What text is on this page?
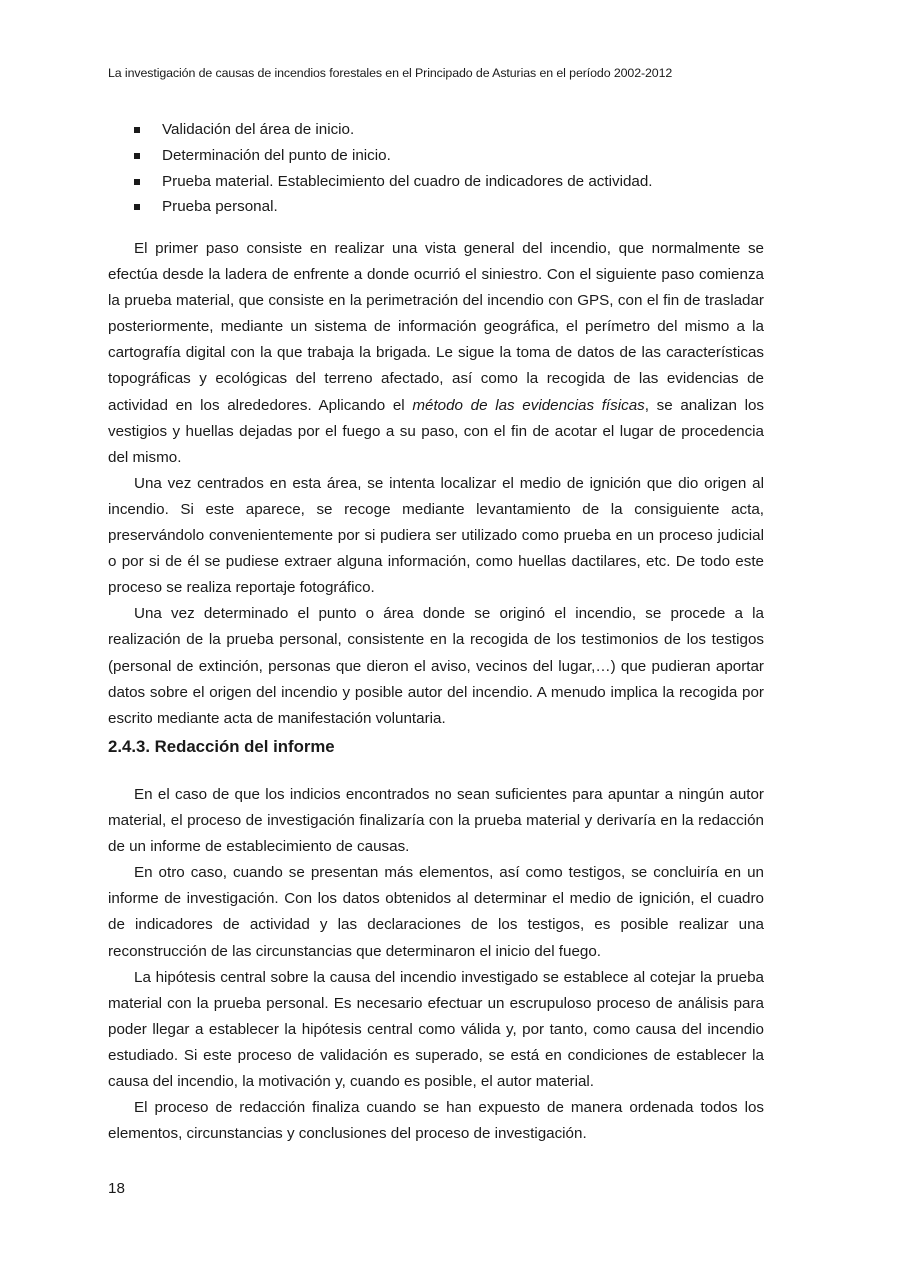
La investigación de causas de incendios forestales en el Principado de Asturias en el período 2002-2012
Validación del área de inicio.
Determinación del punto de inicio.
Prueba material. Establecimiento del cuadro de indicadores de actividad.
Prueba personal.

El primer paso consiste en realizar una vista general del incendio, que normalmente se efectúa desde la ladera de enfrente a donde ocurrió el siniestro. Con el siguiente paso comienza la prueba material, que consiste en la perimetración del incendio con GPS, con el fin de trasladar posteriormente, mediante un sistema de información geográfica, el perímetro del mismo a la cartografía digital con la que trabaja la brigada. Le sigue la toma de datos de las características topográficas y ecológicas del terreno afectado, así como la recogida de las evidencias de actividad en los alrededores. Aplicando el método de las evidencias físicas, se analizan los vestigios y huellas dejadas por el fuego a su paso, con el fin de acotar el lugar de procedencia del mismo.

Una vez centrados en esta área, se intenta localizar el medio de ignición que dio origen al incendio. Si este aparece, se recoge mediante levantamiento de la consiguiente acta, preservándolo convenientemente por si pudiera ser utilizado como prueba en un proceso judicial o por si de él se pudiese extraer alguna información, como huellas dactilares, etc. De todo este proceso se realiza reportaje fotográfico.

Una vez determinado el punto o área donde se originó el incendio, se procede a la realización de la prueba personal, consistente en la recogida de los testimonios de los testigos (personal de extinción, personas que dieron el aviso, vecinos del lugar,…) que pudieran aportar datos sobre el origen del incendio y posible autor del incendio. A menudo implica la recogida por escrito mediante acta de manifestación voluntaria.

2.4.3. Redacción del informe

En el caso de que los indicios encontrados no sean suficientes para apuntar a ningún autor material, el proceso de investigación finalizaría con la prueba material y derivaría en la redacción de un informe de establecimiento de causas.

En otro caso, cuando se presentan más elementos, así como testigos, se concluiría en un informe de investigación. Con los datos obtenidos al determinar el medio de ignición, el cuadro de indicadores de actividad y las declaraciones de los testigos, es posible realizar una reconstrucción de las circunstancias que determinaron el inicio del fuego.

La hipótesis central sobre la causa del incendio investigado se establece al cotejar la prueba material con la prueba personal. Es necesario efectuar un escrupuloso proceso de análisis para poder llegar a establecer la hipótesis central como válida y, por tanto, como causa del incendio estudiado. Si este proceso de validación es superado, se está en condiciones de establecer la causa del incendio, la motivación y, cuando es posible, el autor material.

El proceso de redacción finaliza cuando se han expuesto de manera ordenada todos los elementos, circunstancias y conclusiones del proceso de investigación.

18
